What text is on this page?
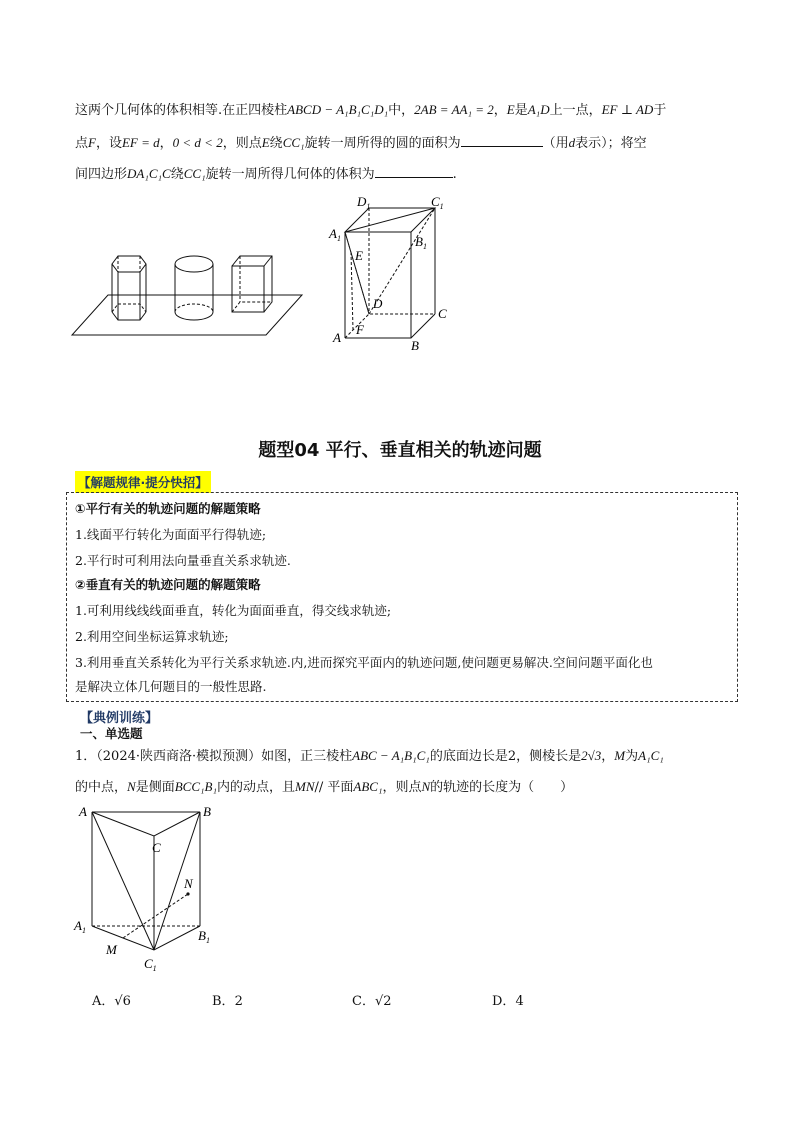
这两个几何体的体积相等.在正四棱柱ABCD − A₁B₁C₁D₁中，2AB = AA₁ = 2，E是A₁D上一点，EF ⊥ AD于
点F，设EF = d，0 < d < 2，则点E绕CC₁旋转一周所得的圆的面积为	（用d表示）；将空
间四边形DA₁C₁C绕CC₁旋转一周所得几何体的体积为	.
$D_1$	$C_1$
$A_1$	$B_1$
E
D
C
A
F
B
题型04 平行、垂直相关的轨迹问题
【解题规律·提分快招】
①平行有关的轨迹问题的解题策略
1.线面平行转化为面面平行得轨迹;
2.平行时可利用法向量垂直关系求轨迹.
②垂直有关的轨迹问题的解题策略
1.可利用线线线面垂直，转化为面面垂直，得交线求轨迹;
2.利用空间坐标运算求轨迹;
3.利用垂直关系转化为平行关系求轨迹.内,进而探究平面内的轨迹问题,使问题更易解决.空间问题平面化也
是解决立体几何题目的一般性思路.
【典例训练】
一、单选题
1．（2024·陕西商洛·模拟预测）如图，正三棱柱ABC − A₁B₁C₁的底面边长是2，侧棱长是2√3，M为A₁C₁
的中点，N是侧面BCC₁B₁内的动点，且MN// 平面ABC₁，则点N的轨迹的长度为（　　）
A	B
C
N
$A_1$	$B_1$
M
$C_1$
A．√6	B．2	C．√2	D．4
